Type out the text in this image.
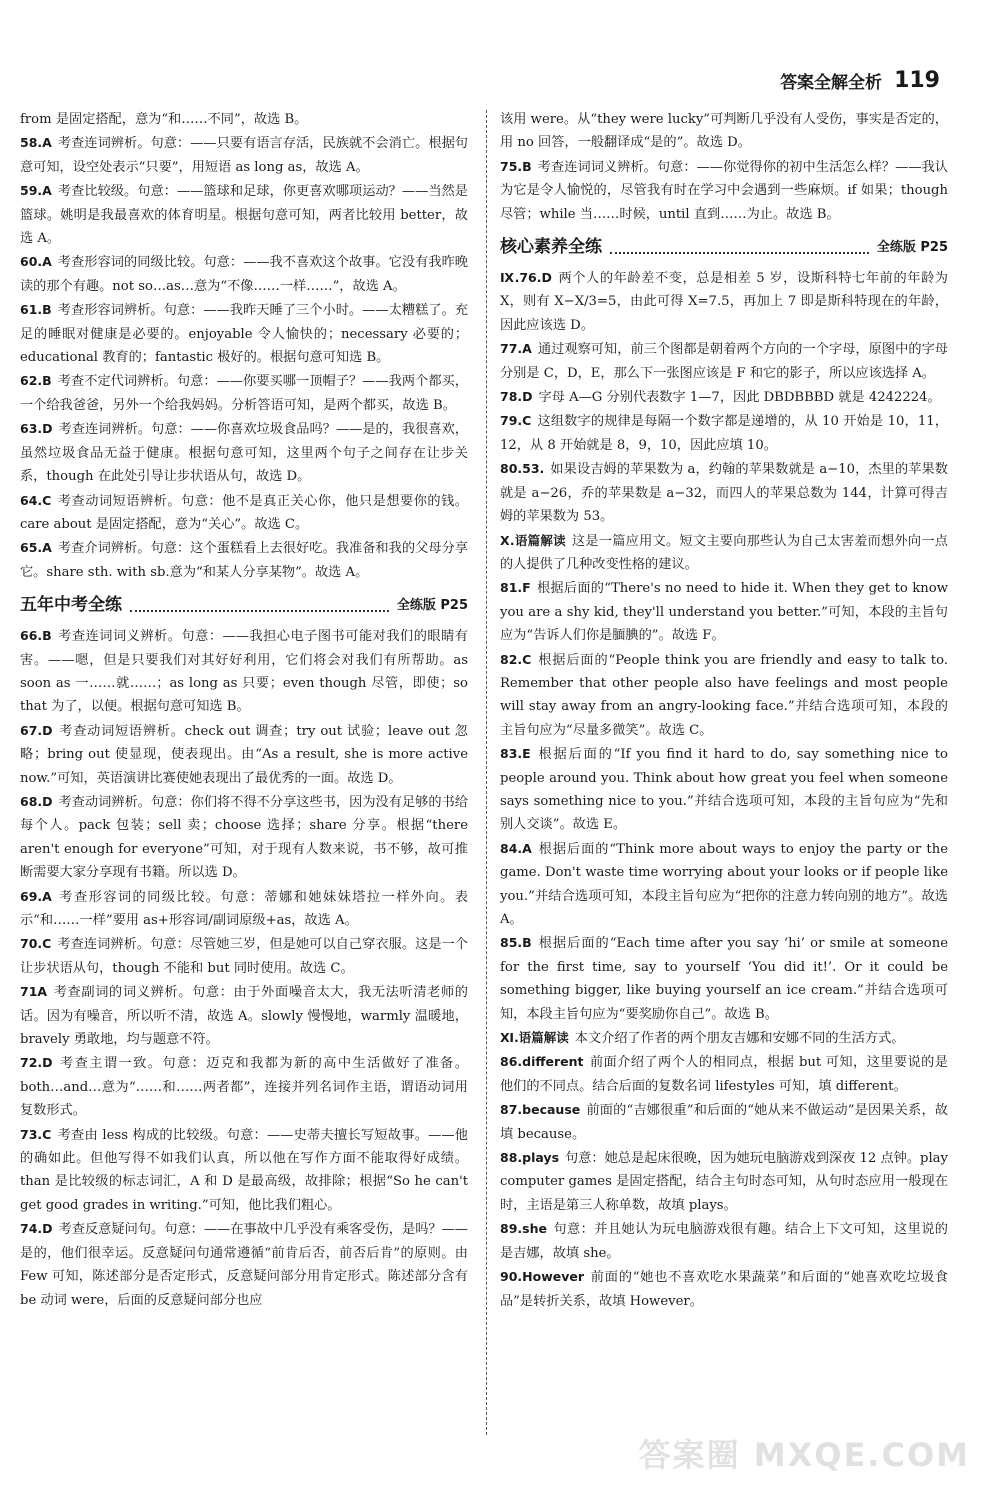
答案全解全析 119

from 是固定搭配，意为“和……不同”，故选 B。

58.A 考查连词辨析。句意：——只要有语言存活，民族就不会消亡。根据句意可知，设空处表示“只要”，用短语 as long as，故选 A。

59.A 考查比较级。句意：——篮球和足球，你更喜欢哪项运动？——当然是篮球。姚明是我最喜欢的体育明星。根据句意可知，两者比较用 better，故选 A。

60.A 考查形容词的同级比较。句意：——我不喜欢这个故事。它没有我昨晚读的那个有趣。not so…as…意为“不像……一样……”，故选 A。

61.B 考查形容词辨析。句意：——我昨天睡了三个小时。——太糟糕了。充足的睡眠对健康是必要的。enjoyable 令人愉快的；necessary 必要的；educational 教育的；fantastic 极好的。根据句意可知选 B。

62.B 考查不定代词辨析。句意：——你要买哪一顶帽子？——我两个都买，一个给我爸爸，另外一个给我妈妈。分析答语可知，是两个都买，故选 B。

63.D 考查连词辨析。句意：——你喜欢垃圾食品吗？——是的，我很喜欢，虽然垃圾食品无益于健康。根据句意可知，这里两个句子之间存在让步关系，though 在此处引导让步状语从句，故选 D。

64.C 考查动词短语辨析。句意：他不是真正关心你，他只是想要你的钱。care about 是固定搭配，意为“关心”。故选 C。

65.A 考查介词辨析。句意：这个蛋糕看上去很好吃。我准备和我的父母分享它。share sth. with sb.意为“和某人分享某物”。故选 A。

五年中考全练	全练版 P25

66.B 考查连词词义辨析。句意：——我担心电子图书可能对我们的眼睛有害。——嗯，但是只要我们对其好好利用，它们将会对我们有所帮助。as soon as 一……就……；as long as 只要；even though 尽管，即使；so that 为了，以便。根据句意可知选 B。

67.D 考查动词短语辨析。check out 调查；try out 试验；leave out 忽略；bring out 使显现，使表现出。由“As a result, she is more active now.”可知，英语演讲比赛使她表现出了最优秀的一面。故选 D。

68.D 考查动词辨析。句意：你们将不得不分享这些书，因为没有足够的书给每个人。pack 包装；sell 卖；choose 选择；share 分享。根据“there aren't enough for everyone”可知，对于现有人数来说，书不够，故可推断需要大家分享现有书籍。所以选 D。

69.A 考查形容词的同级比较。句意：蒂娜和她妹妹塔拉一样外向。表示“和……一样”要用 as+形容词/副词原级+as，故选 A。

70.C 考查连词辨析。句意：尽管她三岁，但是她可以自己穿衣服。这是一个让步状语从句，though 不能和 but 同时使用。故选 C。

71A 考查副词的词义辨析。句意：由于外面噪音太大，我无法听清老师的话。因为有噪音，所以听不清，故选 A。slowly 慢慢地，warmly 温暖地，bravely 勇敢地，均与题意不符。

72.D 考查主谓一致。句意：迈克和我都为新的高中生活做好了准备。both…and…意为“……和……两者都”，连接并列名词作主语，谓语动词用复数形式。

73.C 考查由 less 构成的比较级。句意：——史蒂夫擅长写短故事。——他的确如此。但他写得不如我们认真，所以他在写作方面不能取得好成绩。than 是比较级的标志词汇，A 和 D 是最高级，故排除；根据“So he can't get good grades in writing.”可知，他比我们粗心。

74.D 考查反意疑问句。句意：——在事故中几乎没有乘客受伤，是吗？——是的，他们很幸运。反意疑问句通常遵循“前肯后否，前否后肯”的原则。由 Few 可知，陈述部分是否定形式，反意疑问部分用肯定形式。陈述部分含有 be 动词 were，后面的反意疑问部分也应

该用 were。从“they were lucky”可判断几乎没有人受伤，事实是否定的，用 no 回答，一般翻译成“是的”。故选 D。

75.B 考查连词词义辨析。句意：——你觉得你的初中生活怎么样？——我认为它是令人愉悦的，尽管我有时在学习中会遇到一些麻烦。if 如果；though 尽管；while 当……时候，until 直到……为止。故选 B。

核心素养全练	全练版 P25

Ⅸ.76.D 两个人的年龄差不变，总是相差 5 岁，设斯科特七年前的年龄为 X，则有 X−X/3=5，由此可得 X=7.5，再加上 7 即是斯科特现在的年龄，因此应该选 D。

77.A 通过观察可知，前三个图都是朝着两个方向的一个字母，原图中的字母分别是 C，D，E，那么下一张图应该是 F 和它的影子，所以应该选择 A。

78.D 字母 A—G 分别代表数字 1—7，因此 DBDBBBD 就是 4242224。

79.C 这组数字的规律是每隔一个数字都是递增的，从 10 开始是 10，11，12，从 8 开始就是 8，9，10，因此应填 10。

80.53. 如果设吉姆的苹果数为 a，约翰的苹果数就是 a−10，杰里的苹果数就是 a−26，乔的苹果数是 a−32，而四人的苹果总数为 144，计算可得吉姆的苹果数为 53。

Ⅹ.语篇解读 这是一篇应用文。短文主要向那些认为自己太害羞而想外向一点的人提供了几种改变性格的建议。

81.F 根据后面的“There's no need to hide it. When they get to know you are a shy kid, they'll understand you better.”可知，本段的主旨句应为“告诉人们你是腼腆的”。故选 F。

82.C 根据后面的“People think you are friendly and easy to talk to. Remember that other people also have feelings and most people will stay away from an angry-looking face.”并结合选项可知，本段的主旨句应为“尽量多微笑”。故选 C。

83.E 根据后面的“If you find it hard to do, say something nice to people around you. Think about how great you feel when someone says something nice to you.”并结合选项可知，本段的主旨句应为“先和别人交谈”。故选 E。

84.A 根据后面的“Think more about ways to enjoy the party or the game. Don't waste time worrying about your looks or if people like you.”并结合选项可知，本段主旨句应为“把你的注意力转向别的地方”。故选 A。

85.B 根据后面的“Each time after you say ‘hi’ or smile at someone for the first time, say to yourself ‘You did it!’. Or it could be something bigger, like buying yourself an ice cream.”并结合选项可知，本段主旨句应为“要奖励你自己”。故选 B。

Ⅺ.语篇解读 本文介绍了作者的两个朋友吉娜和安娜不同的生活方式。

86.different 前面介绍了两个人的相同点，根据 but 可知，这里要说的是他们的不同点。结合后面的复数名词 lifestyles 可知，填 different。

87.because 前面的“吉娜很重”和后面的“她从来不做运动”是因果关系，故填 because。

88.plays 句意：她总是起床很晚，因为她玩电脑游戏到深夜 12 点钟。play computer games 是固定搭配，结合主句时态可知，从句时态应用一般现在时，主语是第三人称单数，故填 plays。

89.she 句意：并且她认为玩电脑游戏很有趣。结合上下文可知，这里说的是吉娜，故填 she。

90.However 前面的“她也不喜欢吃水果蔬菜”和后面的“她喜欢吃垃圾食品”是转折关系，故填 However。

答案圈 MXQE.COM
